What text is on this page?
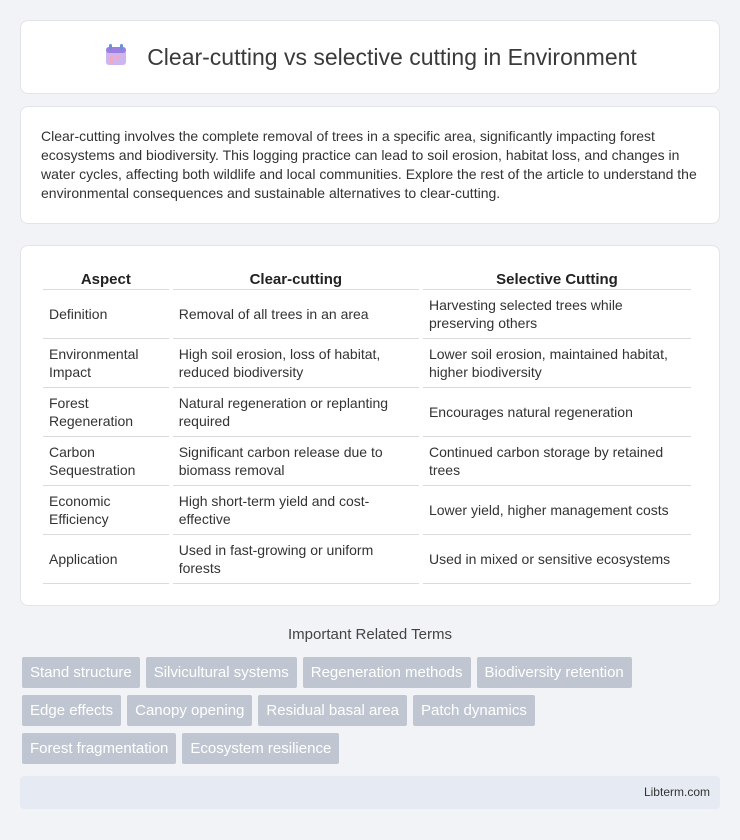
Clear-cutting vs selective cutting in Environment

Clear-cutting involves the complete removal of trees in a specific area, significantly impacting forest ecosystems and biodiversity. This logging practice can lead to soil erosion, habitat loss, and changes in water cycles, affecting both wildlife and local communities. Explore the rest of the article to understand the environmental consequences and sustainable alternatives to clear-cutting.

Aspect	Clear-cutting	Selective Cutting
Definition	Removal of all trees in an area	Harvesting selected trees while preserving others
Environmental Impact	High soil erosion, loss of habitat, reduced biodiversity	Lower soil erosion, maintained habitat, higher biodiversity
Forest Regeneration	Natural regeneration or replanting required	Encourages natural regeneration
Carbon Sequestration	Significant carbon release due to biomass removal	Continued carbon storage by retained trees
Economic Efficiency	High short-term yield and cost-effective	Lower yield, higher management costs
Application	Used in fast-growing or uniform forests	Used in mixed or sensitive ecosystems
Important Related Terms
Stand structure	Silvicultural systems	Regeneration methods	Biodiversity retention
Edge effects	Canopy opening	Residual basal area	Patch dynamics
Forest fragmentation	Ecosystem resilience
Libterm.com
